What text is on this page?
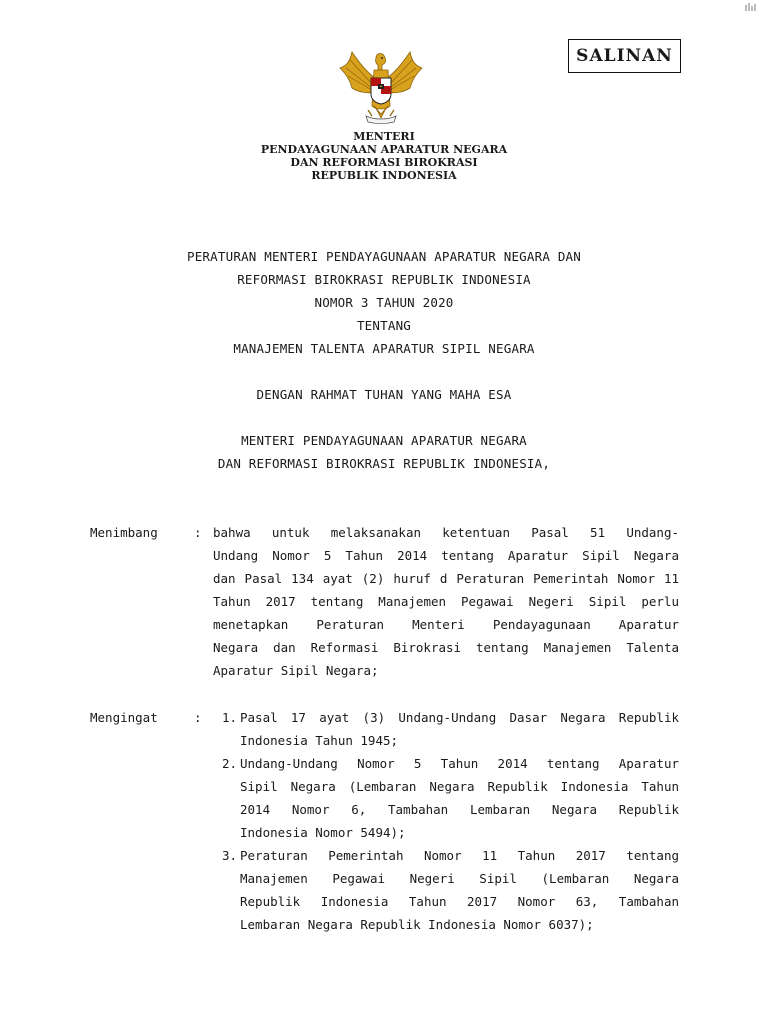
SALINAN
MENTERI
PENDAYAGUNAAN APARATUR NEGARA
DAN REFORMASI BIROKRASI
REPUBLIK INDONESIA
PERATURAN MENTERI PENDAYAGUNAAN APARATUR NEGARA DAN
REFORMASI BIROKRASI REPUBLIK INDONESIA
NOMOR 3 TAHUN 2020
TENTANG
MANAJEMEN TALENTA APARATUR SIPIL NEGARA
DENGAN RAHMAT TUHAN YANG MAHA ESA
MENTERI PENDAYAGUNAAN APARATUR NEGARA
DAN REFORMASI BIROKRASI REPUBLIK INDONESIA,
Menimbang	: bahwa untuk melaksanakan ketentuan Pasal 51 Undang-
Undang Nomor 5 Tahun 2014 tentang Aparatur Sipil Negara
dan Pasal 134 ayat (2) huruf d Peraturan Pemerintah Nomor 11
Tahun 2017 tentang Manajemen Pegawai Negeri Sipil perlu
menetapkan Peraturan Menteri Pendayagunaan Aparatur
Negara dan Reformasi Birokrasi tentang Manajemen Talenta
Aparatur Sipil Negara;
Mengingat	:	1. Pasal 17 ayat (3) Undang-Undang Dasar Negara Republik
Indonesia Tahun 1945;
2. Undang-Undang Nomor 5 Tahun 2014 tentang Aparatur
Sipil Negara (Lembaran Negara Republik Indonesia Tahun
2014 Nomor 6, Tambahan Lembaran Negara Republik
Indonesia Nomor 5494);
3. Peraturan Pemerintah Nomor 11 Tahun 2017 tentang
Manajemen Pegawai Negeri Sipil (Lembaran Negara
Republik Indonesia Tahun 2017 Nomor 63, Tambahan
Lembaran Negara Republik Indonesia Nomor 6037);
